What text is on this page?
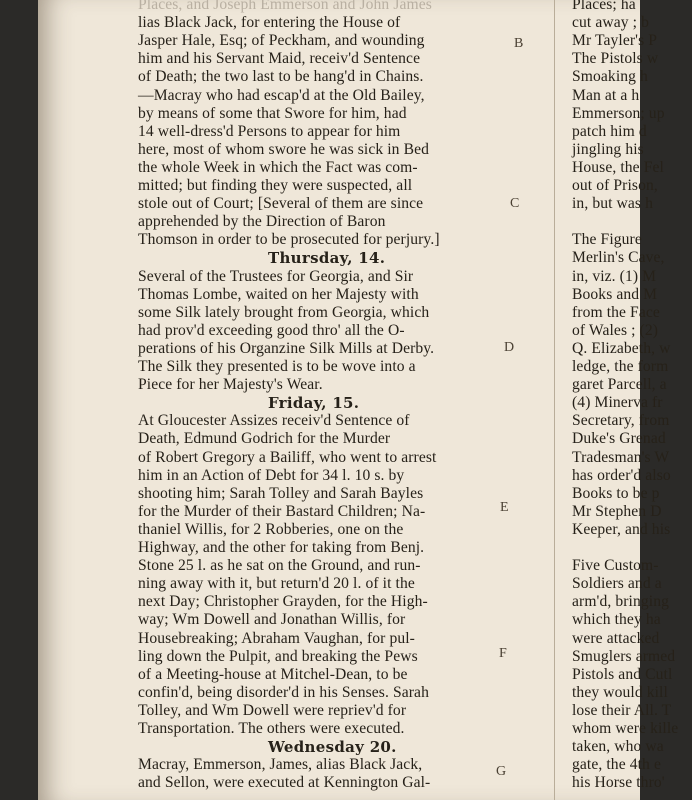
Places, and Joseph Emmerson and John James
lias Black Jack, for entering the House of
Jasper Hale, Esq; of Peckham, and wounding
him and his Servant Maid, receiv'd Sentence
of Death; the two last to be hang'd in Chains.
—Macray who had escap'd at the Old Bailey,
by means of some that Swore for him, had
14 well-dress'd Persons to appear for him
here, most of whom swore he was sick in Bed
the whole Week in which the Fact was com-
mitted; but finding they were suspected, all
stole out of Court; [Several of them are since
apprehended by the Direction of Baron
Thomson in order to be prosecuted for perjury.]
Thursday, 14.
Several of the Trustees for Georgia, and Sir
Thomas Lombe, waited on her Majesty with
some Silk lately brought from Georgia, which
had prov'd exceeding good thro' all the O-
perations of his Organzine Silk Mills at Derby.
The Silk they presented is to be wove into a
Piece for her Majesty's Wear.
Friday, 15.
At Gloucester Assizes receiv'd Sentence of
Death, Edmund Godrich for the Murder
of Robert Gregory a Bailiff, who went to arrest
him in an Action of Debt for 34 l. 10 s. by
shooting him; Sarah Tolley and Sarah Bayles
for the Murder of their Bastard Children; Na-
thaniel Willis, for 2 Robberies, one on the
Highway, and the other for taking from Benj.
Stone 25 l. as he sat on the Ground, and run-
ning away with it, but return'd 20 l. of it the
next Day; Christopher Grayden, for the High-
way; Wm Dowell and Jonathan Willis, for
Housebreaking; Abraham Vaughan, for pul-
ling down the Pulpit, and breaking the Pews
of a Meeting-house at Mitchel-Dean, to be
confin'd, being disorder'd in his Senses. Sarah
Tolley, and Wm Dowell were repriev'd for
Transportation. The others were executed.
Wednesday 20.
Macray, Emmerson, James, alias Black Jack,
and Sellon, were executed at Kennington Gal-
B
C
D
E
F
G
Places; ha
cut away ; b
Mr Tayler's P
The Pistols w
Smoaking h
Man at a h
Emmerson; up
patch him d
jingling his
House, the Fel
out of Prison,
in, but was h
The Figure
Merlin's Cave,
in, viz. (1) M
Books and M
from the Face
of Wales ; (2)
Q. Elizabeth, w
ledge, the form
garet Parcell, a
(4) Minerva fr
Secretary, from
Duke's Grenad
Tradesman's W
has order'd also
Books to be p
Mr Stephen D
Keeper, and his
Five Custom-
Soldiers and a
arm'd, bringing
which they ha
were attacked
Smuglers armed
Pistols and Cutl
they would kill
lose their All. T
whom were kille
taken, who wa
gate, the 4th e
his Horse thro'
